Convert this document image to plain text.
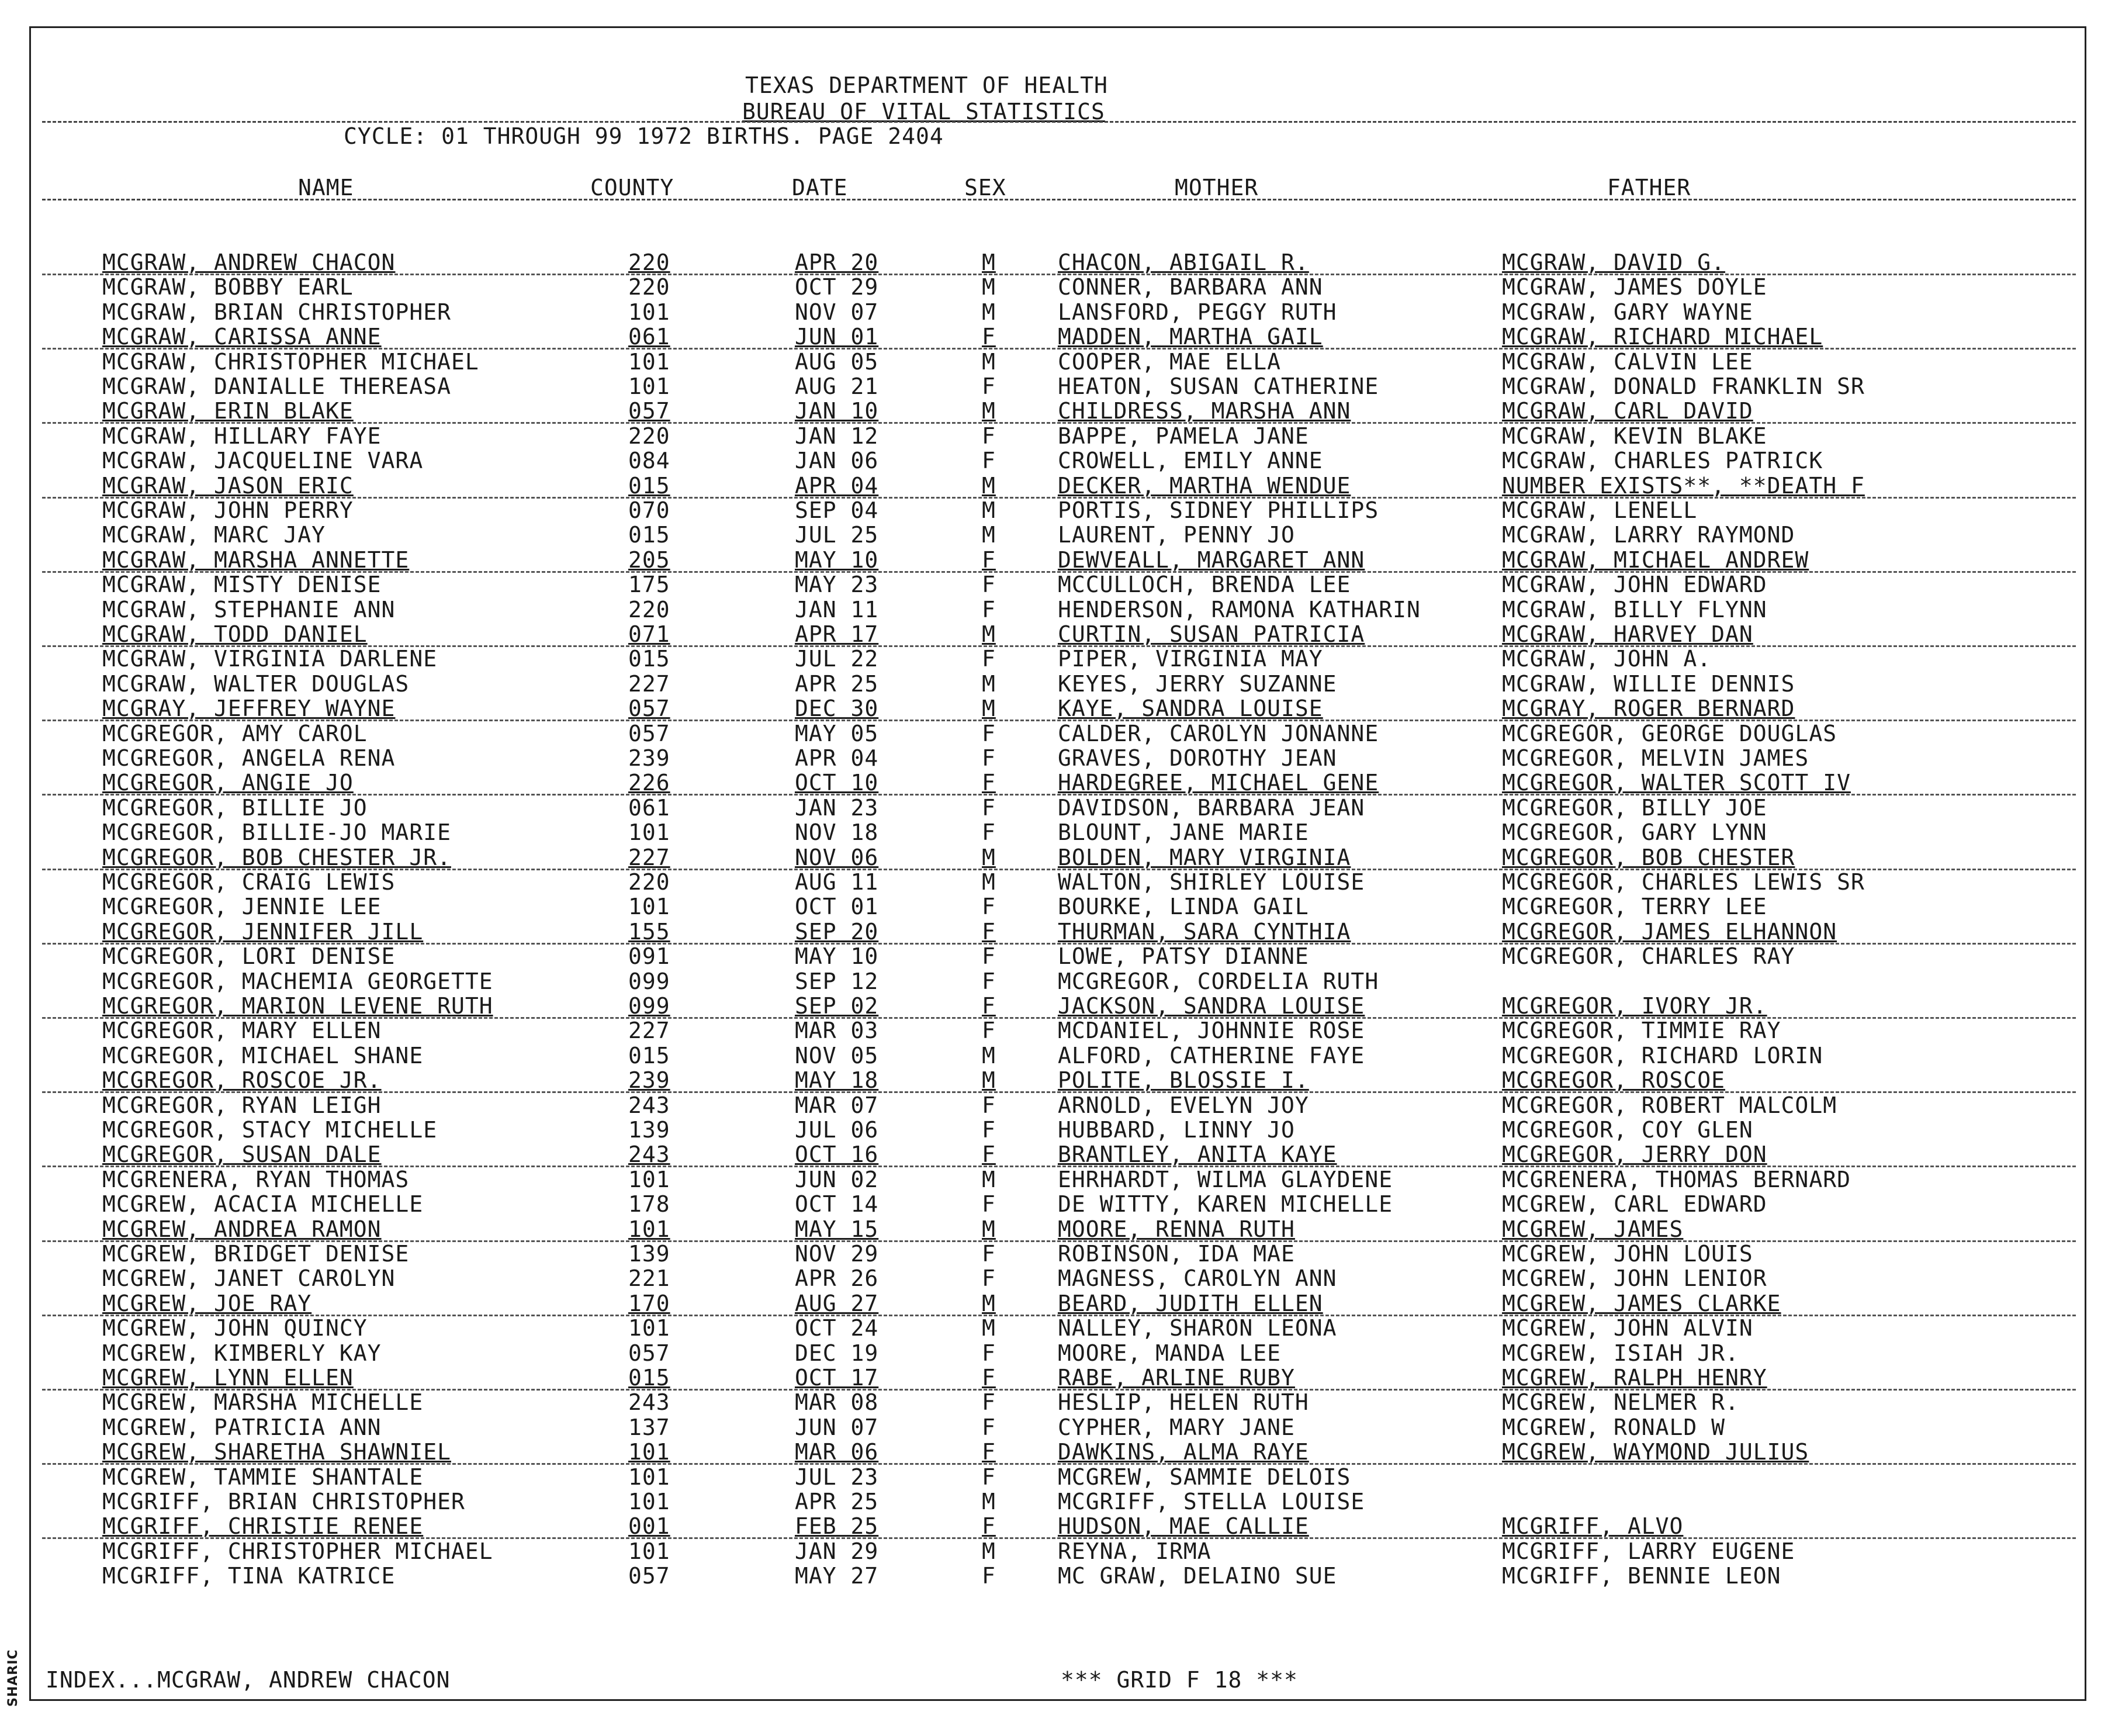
SHARIC
TEXAS DEPARTMENT OF HEALTH
BUREAU OF VITAL STATISTICS
CYCLE: 01 THROUGH 99 1972 BIRTHS. PAGE 2404
NAME	COUNTY	DATE	SEX	MOTHER	FATHER
MCGRAW, ANDREW CHACON	220	APR 20	M	CHACON, ABIGAIL R.	MCGRAW, DAVID G.
MCGRAW, BOBBY EARL	220	OCT 29	M	CONNER, BARBARA ANN	MCGRAW, JAMES DOYLE
MCGRAW, BRIAN CHRISTOPHER	101	NOV 07	M	LANSFORD, PEGGY RUTH	MCGRAW, GARY WAYNE
MCGRAW, CARISSA ANNE	061	JUN 01	F	MADDEN, MARTHA GAIL	MCGRAW, RICHARD MICHAEL
MCGRAW, CHRISTOPHER MICHAEL	101	AUG 05	M	COOPER, MAE ELLA	MCGRAW, CALVIN LEE
MCGRAW, DANIALLE THEREASA	101	AUG 21	F	HEATON, SUSAN CATHERINE	MCGRAW, DONALD FRANKLIN SR
MCGRAW, ERIN BLAKE	057	JAN 10	M	CHILDRESS, MARSHA ANN	MCGRAW, CARL DAVID
MCGRAW, HILLARY FAYE	220	JAN 12	F	BAPPE, PAMELA JANE	MCGRAW, KEVIN BLAKE
MCGRAW, JACQUELINE VARA	084	JAN 06	F	CROWELL, EMILY ANNE	MCGRAW, CHARLES PATRICK
MCGRAW, JASON ERIC	015	APR 04	M	DECKER, MARTHA WENDUE	NUMBER EXISTS**, **DEATH F
MCGRAW, JOHN PERRY	070	SEP 04	M	PORTIS, SIDNEY PHILLIPS	MCGRAW, LENELL
MCGRAW, MARC JAY	015	JUL 25	M	LAURENT, PENNY JO	MCGRAW, LARRY RAYMOND
MCGRAW, MARSHA ANNETTE	205	MAY 10	F	DEWVEALL, MARGARET ANN	MCGRAW, MICHAEL ANDREW
MCGRAW, MISTY DENISE	175	MAY 23	F	MCCULLOCH, BRENDA LEE	MCGRAW, JOHN EDWARD
MCGRAW, STEPHANIE ANN	220	JAN 11	F	HENDERSON, RAMONA KATHARIN	MCGRAW, BILLY FLYNN
MCGRAW, TODD DANIEL	071	APR 17	M	CURTIN, SUSAN PATRICIA	MCGRAW, HARVEY DAN
MCGRAW, VIRGINIA DARLENE	015	JUL 22	F	PIPER, VIRGINIA MAY	MCGRAW, JOHN A.
MCGRAW, WALTER DOUGLAS	227	APR 25	M	KEYES, JERRY SUZANNE	MCGRAW, WILLIE DENNIS
MCGRAY, JEFFREY WAYNE	057	DEC 30	M	KAYE, SANDRA LOUISE	MCGRAY, ROGER BERNARD
MCGREGOR, AMY CAROL	057	MAY 05	F	CALDER, CAROLYN JONANNE	MCGREGOR, GEORGE DOUGLAS
MCGREGOR, ANGELA RENA	239	APR 04	F	GRAVES, DOROTHY JEAN	MCGREGOR, MELVIN JAMES
MCGREGOR, ANGIE JO	226	OCT 10	F	HARDEGREE, MICHAEL GENE	MCGREGOR, WALTER SCOTT IV
MCGREGOR, BILLIE JO	061	JAN 23	F	DAVIDSON, BARBARA JEAN	MCGREGOR, BILLY JOE
MCGREGOR, BILLIE-JO MARIE	101	NOV 18	F	BLOUNT, JANE MARIE	MCGREGOR, GARY LYNN
MCGREGOR, BOB CHESTER JR.	227	NOV 06	M	BOLDEN, MARY VIRGINIA	MCGREGOR, BOB CHESTER
MCGREGOR, CRAIG LEWIS	220	AUG 11	M	WALTON, SHIRLEY LOUISE	MCGREGOR, CHARLES LEWIS SR
MCGREGOR, JENNIE LEE	101	OCT 01	F	BOURKE, LINDA GAIL	MCGREGOR, TERRY LEE
MCGREGOR, JENNIFER JILL	155	SEP 20	F	THURMAN, SARA CYNTHIA	MCGREGOR, JAMES ELHANNON
MCGREGOR, LORI DENISE	091	MAY 10	F	LOWE, PATSY DIANNE	MCGREGOR, CHARLES RAY
MCGREGOR, MACHEMIA GEORGETTE	099	SEP 12	F	MCGREGOR, CORDELIA RUTH
MCGREGOR, MARION LEVENE RUTH	099	SEP 02	F	JACKSON, SANDRA LOUISE	MCGREGOR, IVORY JR.
MCGREGOR, MARY ELLEN	227	MAR 03	F	MCDANIEL, JOHNNIE ROSE	MCGREGOR, TIMMIE RAY
MCGREGOR, MICHAEL SHANE	015	NOV 05	M	ALFORD, CATHERINE FAYE	MCGREGOR, RICHARD LORIN
MCGREGOR, ROSCOE JR.	239	MAY 18	M	POLITE, BLOSSIE I.	MCGREGOR, ROSCOE
MCGREGOR, RYAN LEIGH	243	MAR 07	F	ARNOLD, EVELYN JOY	MCGREGOR, ROBERT MALCOLM
MCGREGOR, STACY MICHELLE	139	JUL 06	F	HUBBARD, LINNY JO	MCGREGOR, COY GLEN
MCGREGOR, SUSAN DALE	243	OCT 16	F	BRANTLEY, ANITA KAYE	MCGREGOR, JERRY DON
MCGRENERA, RYAN THOMAS	101	JUN 02	M	EHRHARDT, WILMA GLAYDENE	MCGRENERA, THOMAS BERNARD
MCGREW, ACACIA MICHELLE	178	OCT 14	F	DE WITTY, KAREN MICHELLE	MCGREW, CARL EDWARD
MCGREW, ANDREA RAMON	101	MAY 15	M	MOORE, RENNA RUTH	MCGREW, JAMES
MCGREW, BRIDGET DENISE	139	NOV 29	F	ROBINSON, IDA MAE	MCGREW, JOHN LOUIS
MCGREW, JANET CAROLYN	221	APR 26	F	MAGNESS, CAROLYN ANN	MCGREW, JOHN LENIOR
MCGREW, JOE RAY	170	AUG 27	M	BEARD, JUDITH ELLEN	MCGREW, JAMES CLARKE
MCGREW, JOHN QUINCY	101	OCT 24	M	NALLEY, SHARON LEONA	MCGREW, JOHN ALVIN
MCGREW, KIMBERLY KAY	057	DEC 19	F	MOORE, MANDA LEE	MCGREW, ISIAH JR.
MCGREW, LYNN ELLEN	015	OCT 17	F	RABE, ARLINE RUBY	MCGREW, RALPH HENRY
MCGREW, MARSHA MICHELLE	243	MAR 08	F	HESLIP, HELEN RUTH	MCGREW, NELMER R.
MCGREW, PATRICIA ANN	137	JUN 07	F	CYPHER, MARY JANE	MCGREW, RONALD W
MCGREW, SHARETHA SHAWNIEL	101	MAR 06	F	DAWKINS, ALMA RAYE	MCGREW, WAYMOND JULIUS
MCGREW, TAMMIE SHANTALE	101	JUL 23	F	MCGREW, SAMMIE DELOIS
MCGRIFF, BRIAN CHRISTOPHER	101	APR 25	M	MCGRIFF, STELLA LOUISE
MCGRIFF, CHRISTIE RENEE	001	FEB 25	F	HUDSON, MAE CALLIE	MCGRIFF, ALVO
MCGRIFF, CHRISTOPHER MICHAEL	101	JAN 29	M	REYNA, IRMA	MCGRIFF, LARRY EUGENE
MCGRIFF, TINA KATRICE	057	MAY 27	F	MC GRAW, DELAINO SUE	MCGRIFF, BENNIE LEON
INDEX...MCGRAW, ANDREW CHACON	*** GRID F 18 ***
